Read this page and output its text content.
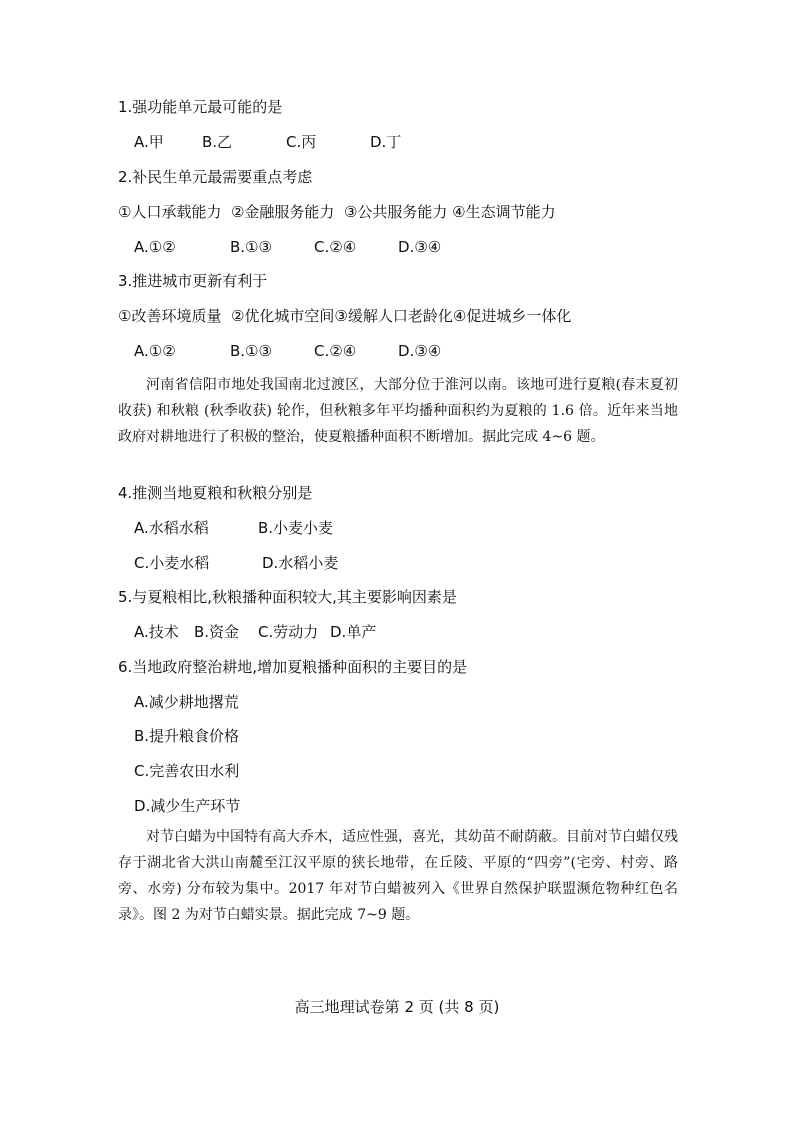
1.强功能单元最可能的是
A.甲	B.乙	C.丙	D.丁
2.补民生单元最需要重点考虑
①人口承载能力  ②金融服务能力  ③公共服务能力 ④生态调节能力
A.①②	B.①③	C.②④	D.③④
3.推进城市更新有利于
①改善环境质量  ②优化城市空间③缓解人口老龄化④促进城乡一体化
A.①②	B.①③	C.②④	D.③④

河南省信阳市地处我国南北过渡区，大部分位于淮河以南。该地可进行夏粮(春末夏初收获) 和秋粮 (秋季收获) 轮作，但秋粮多年平均播种面积约为夏粮的 1.6 倍。近年来当地政府对耕地进行了积极的整治，使夏粮播种面积不断增加。据此完成 4~6 题。

4.推测当地夏粮和秋粮分别是
A.水稻水稻	B.小麦小麦
C.小麦水稻	D.水稻小麦
5.与夏粮相比,秋粮播种面积较大,其主要影响因素是
A.技术 B.资金 C.劳动力 D.单产
6.当地政府整治耕地,增加夏粮播种面积的主要目的是
A.减少耕地撂荒
B.提升粮食价格
C.完善农田水利
D.减少生产环节

对节白蜡为中国特有高大乔木，适应性强，喜光，其幼苗不耐荫蔽。目前对节白蜡仅残存于湖北省大洪山南麓至江汉平原的狭长地带，在丘陵、平原的“四旁”(宅旁、村旁、路旁、水旁) 分布较为集中。2017 年对节白蜡被列入《世界自然保护联盟濒危物种红色名录》。图 2 为对节白蜡实景。据此完成 7~9 题。

高三地理试卷第 2 页 (共 8 页)
